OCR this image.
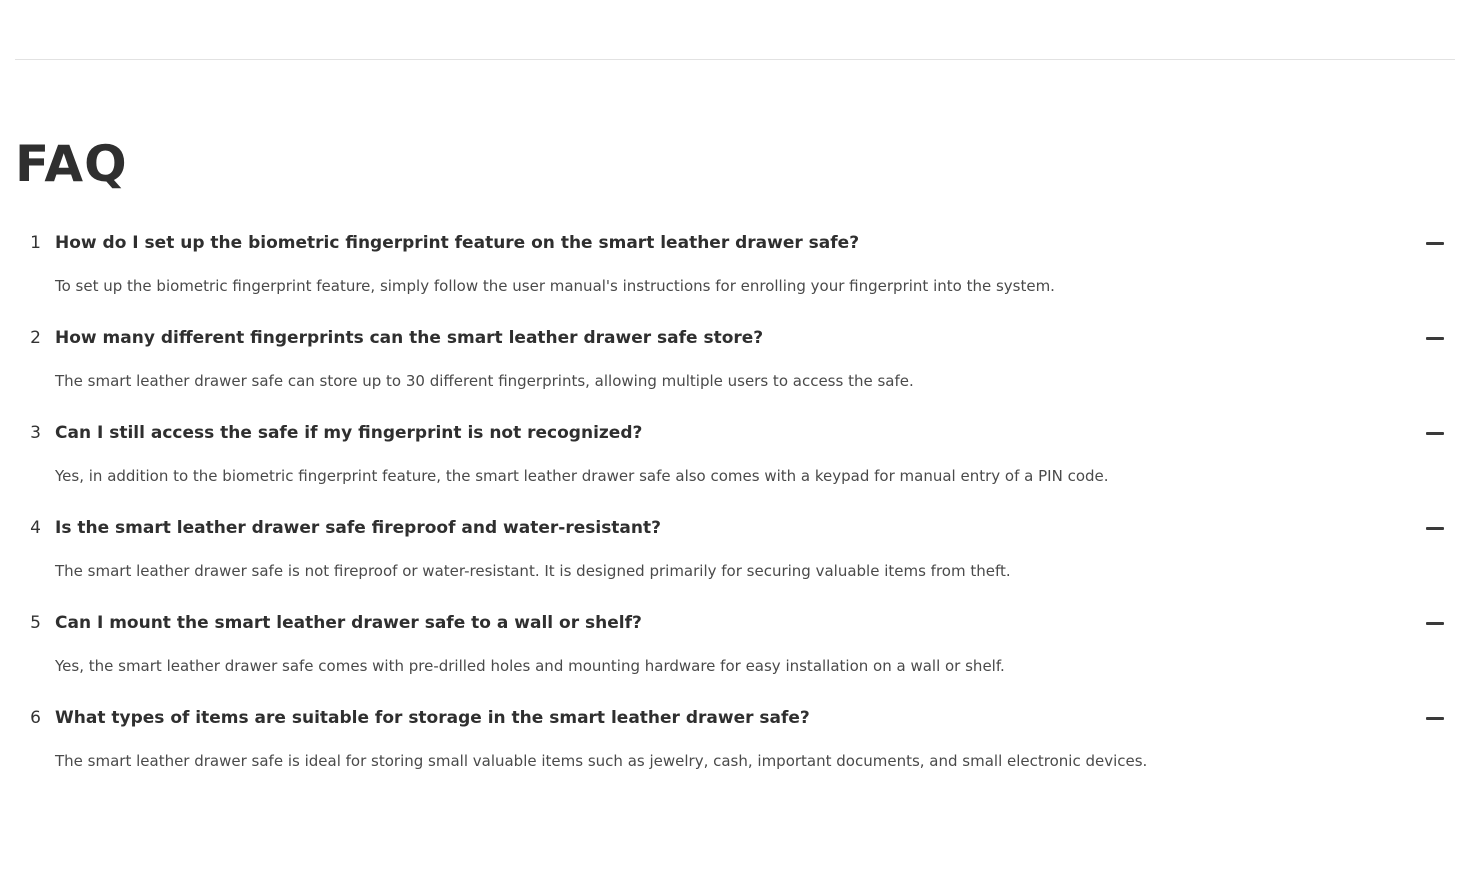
FAQ
1 How do I set up the biometric fingerprint feature on the smart leather drawer safe?
To set up the biometric fingerprint feature, simply follow the user manual's instructions for enrolling your fingerprint into the system.
2 How many different fingerprints can the smart leather drawer safe store?
The smart leather drawer safe can store up to 30 different fingerprints, allowing multiple users to access the safe.
3 Can I still access the safe if my fingerprint is not recognized?
Yes, in addition to the biometric fingerprint feature, the smart leather drawer safe also comes with a keypad for manual entry of a PIN code.
4 Is the smart leather drawer safe fireproof and water-resistant?
The smart leather drawer safe is not fireproof or water-resistant. It is designed primarily for securing valuable items from theft.
5 Can I mount the smart leather drawer safe to a wall or shelf?
Yes, the smart leather drawer safe comes with pre-drilled holes and mounting hardware for easy installation on a wall or shelf.
6 What types of items are suitable for storage in the smart leather drawer safe?
The smart leather drawer safe is ideal for storing small valuable items such as jewelry, cash, important documents, and small electronic devices.
